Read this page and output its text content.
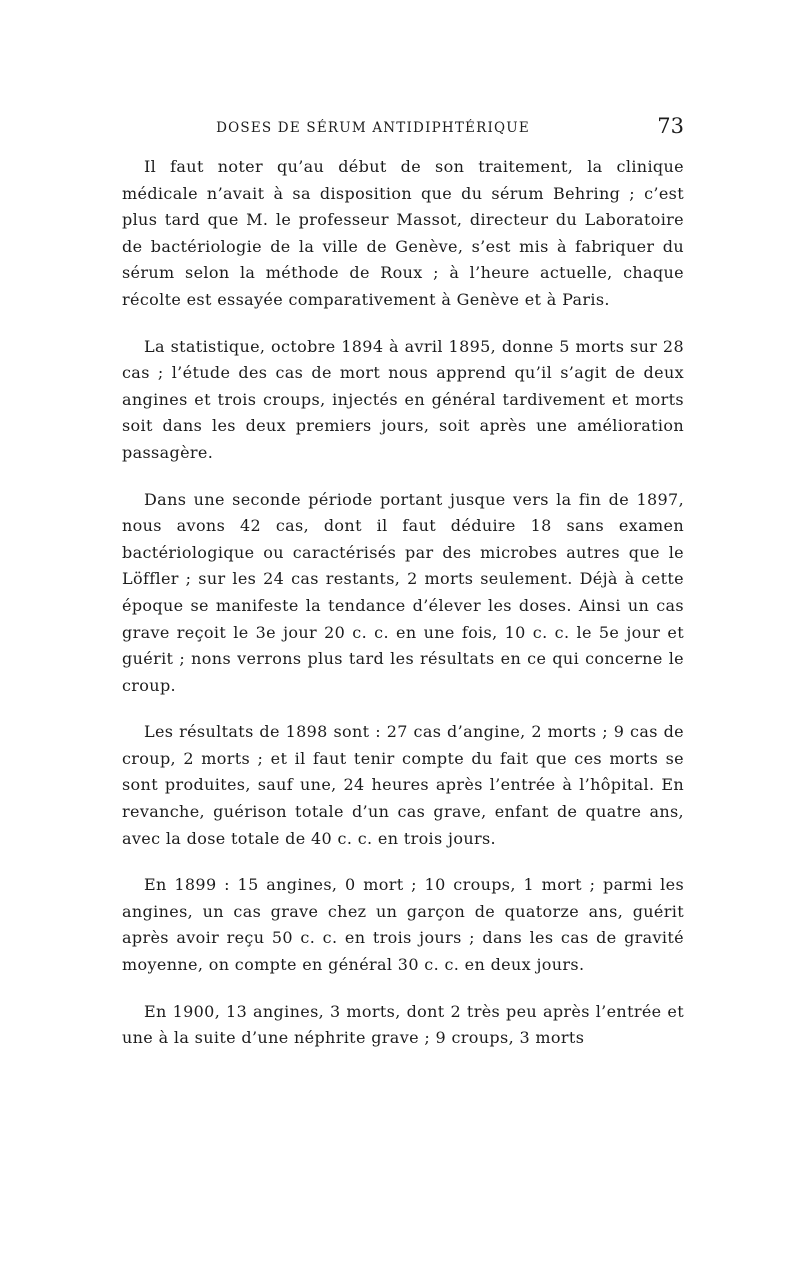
DOSES DE SÉRUM ANTIDIPHTÉRIQUE	73

Il faut noter qu’au début de son traitement, la clinique médicale n’avait à sa disposition que du sérum Behring ; c’est plus tard que M. le professeur Massot, directeur du Laboratoire de bactériologie de la ville de Genève, s’est mis à fabriquer du sérum selon la méthode de Roux ; à l’heure actuelle, chaque récolte est essayée comparativement à Genève et à Paris.

La statistique, octobre 1894 à avril 1895, donne 5 morts sur 28 cas ; l’étude des cas de mort nous apprend qu’il s’agit de deux angines et trois croups, injectés en général tardivement et morts soit dans les deux premiers jours, soit après une amélioration passagère.

Dans une seconde période portant jusque vers la fin de 1897, nous avons 42 cas, dont il faut déduire 18 sans examen bactériologique ou caractérisés par des microbes autres que le Löffler ; sur les 24 cas restants, 2 morts seulement. Déjà à cette époque se manifeste la tendance d’élever les doses. Ainsi un cas grave reçoit le 3e jour 20 c. c. en une fois, 10 c. c. le 5e jour et guérit ; nons verrons plus tard les résultats en ce qui concerne le croup.

Les résultats de 1898 sont : 27 cas d’angine, 2 morts ; 9 cas de croup, 2 morts ; et il faut tenir compte du fait que ces morts se sont produites, sauf une, 24 heures après l’entrée à l’hôpital. En revanche, guérison totale d’un cas grave, enfant de quatre ans, avec la dose totale de 40 c. c. en trois jours.

En 1899 : 15 angines, 0 mort ; 10 croups, 1 mort ; parmi les angines, un cas grave chez un garçon de quatorze ans, guérit après avoir reçu 50 c. c. en trois jours ; dans les cas de gravité moyenne, on compte en général 30 c. c. en deux jours.

En 1900, 13 angines, 3 morts, dont 2 très peu après l’entrée et une à la suite d’une néphrite grave ; 9 croups, 3 morts
